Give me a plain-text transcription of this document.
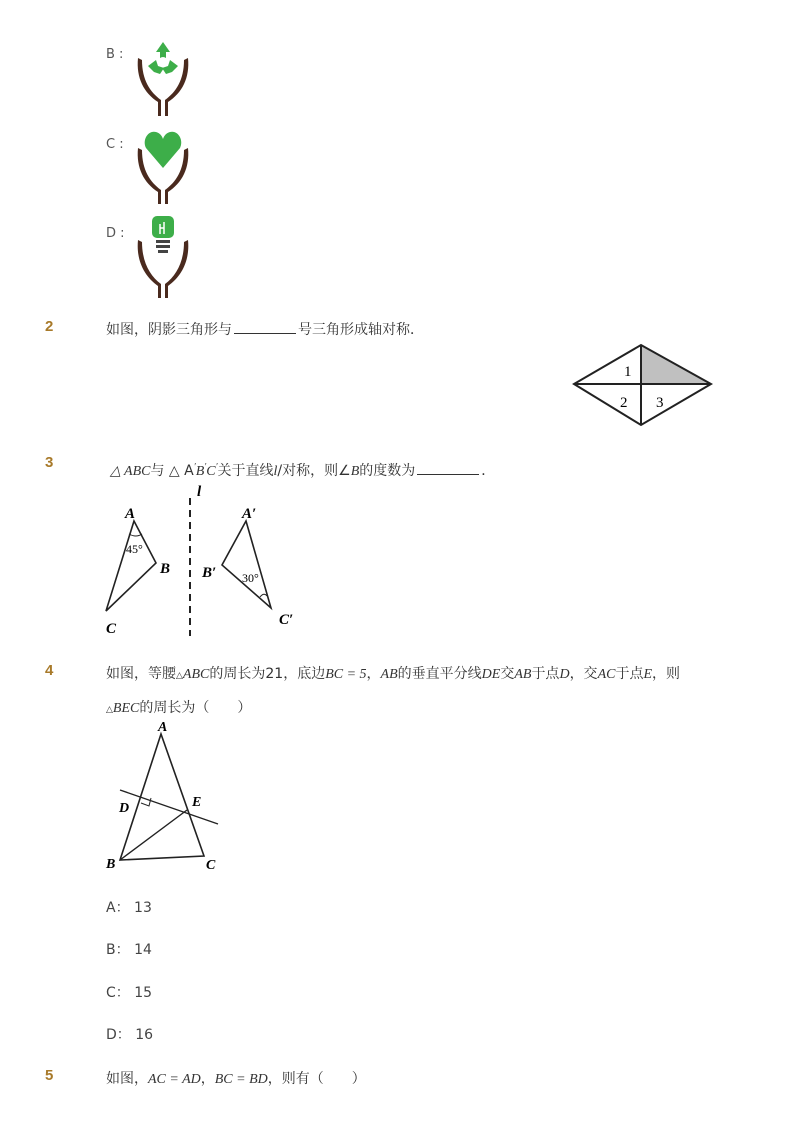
B :
C :
D :
2	如图，阴影三角形与	号三角形成轴对称．
1
2 3
3
△ ABC与 △ A′B′C′关于直线l/对称，则∠B的度数为	．
l
A
B
C
45°
A′
B′
C′
30°
4	如图，等腰△ABC的周长为21，底边BC = 5，AB的垂直平分线DE交AB于点D，交AC于点E，则
△BEC的周长为（　　）
A
B	C
D	E
A： 13
B： 14
C： 15
D： 16
5	如图，AC = AD，BC = BD，则有（　　）
